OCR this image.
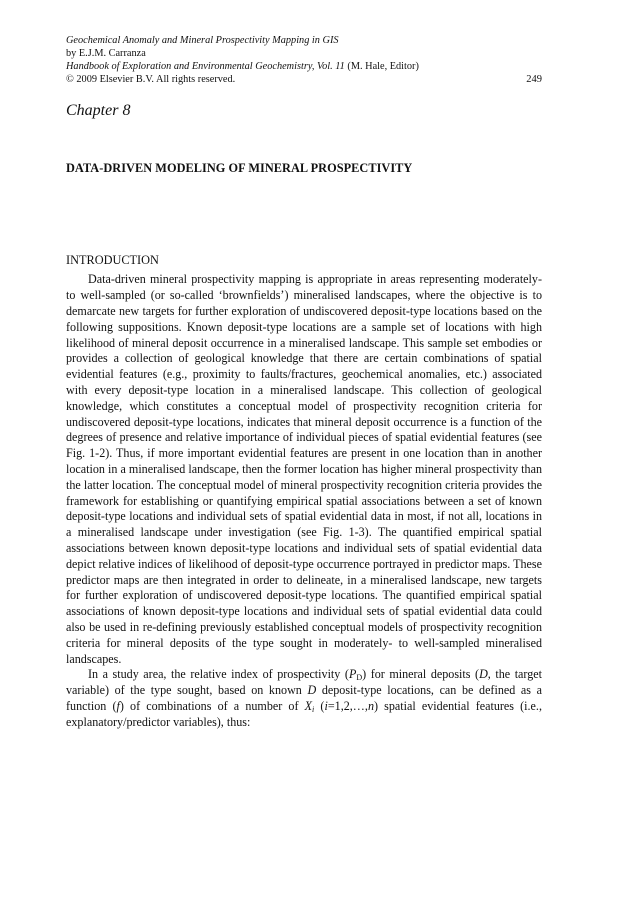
Geochemical Anomaly and Mineral Prospectivity Mapping in GIS
by E.J.M. Carranza
Handbook of Exploration and Environmental Geochemistry, Vol. 11 (M. Hale, Editor)
© 2009 Elsevier B.V. All rights reserved.	249
Chapter 8
DATA-DRIVEN MODELING OF MINERAL PROSPECTIVITY
INTRODUCTION

Data-driven mineral prospectivity mapping is appropriate in areas representing moderately- to well-sampled (or so-called ‘brownfields’) mineralised landscapes, where the objective is to demarcate new targets for further exploration of undiscovered deposit-type locations based on the following suppositions. Known deposit-type locations are a sample set of locations with high likelihood of mineral deposit occurrence in a mineralised landscape. This sample set embodies or provides a collection of geological knowledge that there are certain combinations of spatial evidential features (e.g., proximity to faults/fractures, geochemical anomalies, etc.) associated with every deposit-type location in a mineralised landscape. This collection of geological knowledge, which constitutes a conceptual model of prospectivity recognition criteria for undiscovered deposit-type locations, indicates that mineral deposit occurrence is a function of the degrees of presence and relative importance of individual pieces of spatial evidential features (see Fig. 1-2). Thus, if more important evidential features are present in one location than in another location in a mineralised landscape, then the former location has higher mineral prospectivity than the latter location. The conceptual model of mineral prospectivity recognition criteria provides the framework for establishing or quantifying empirical spatial associations between a set of known deposit-type locations and individual sets of spatial evidential data in most, if not all, locations in a mineralised landscape under investigation (see Fig. 1-3). The quantified empirical spatial associations between known deposit-type locations and individual sets of spatial evidential data depict relative indices of likelihood of deposit-type occurrence portrayed in predictor maps. These predictor maps are then integrated in order to delineate, in a mineralised landscape, new targets for further exploration of undiscovered deposit-type locations. The quantified empirical spatial associations of known deposit-type locations and individual sets of spatial evidential data could also be used in re-defining previously established conceptual models of prospectivity recognition criteria for mineral deposits of the type sought in moderately- to well-sampled mineralised landscapes.

In a study area, the relative index of prospectivity $(P_D)$ for mineral deposits (D, the target variable) of the type sought, based on known D deposit-type locations, can be defined as a function (f) of combinations of a number of $X_i$ (i=1,2,…,n) spatial evidential features (i.e., explanatory/predictor variables), thus:
